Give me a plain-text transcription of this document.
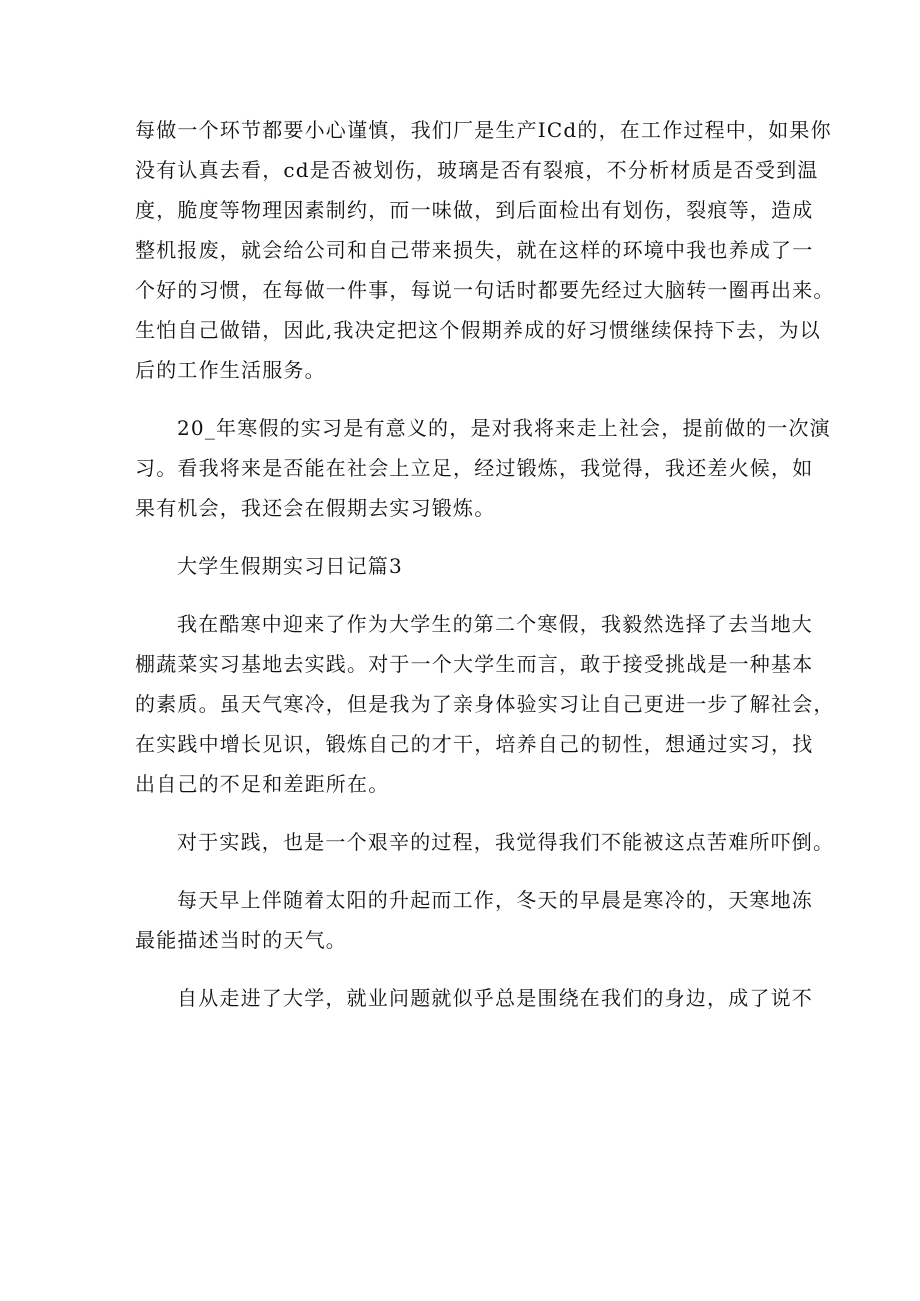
每做一个环节都要小心谨慎，我们厂是生产ICd的，在工作过程中，如果你
没有认真去看，cd是否被划伤，玻璃是否有裂痕，不分析材质是否受到温
度，脆度等物理因素制约，而一味做，到后面检出有划伤，裂痕等，造成
整机报废，就会给公司和自己带来损失，就在这样的环境中我也养成了一
个好的习惯，在每做一件事，每说一句话时都要先经过大脑转一圈再出来。
生怕自己做错，因此,我决定把这个假期养成的好习惯继续保持下去，为以
后的工作生活服务。
20_年寒假的实习是有意义的，是对我将来走上社会，提前做的一次演
习。看我将来是否能在社会上立足，经过锻炼，我觉得，我还差火候，如
果有机会，我还会在假期去实习锻炼。
大学生假期实习日记篇3
我在酷寒中迎来了作为大学生的第二个寒假，我毅然选择了去当地大
棚蔬菜实习基地去实践。对于一个大学生而言，敢于接受挑战是一种基本
的素质。虽天气寒冷，但是我为了亲身体验实习让自己更进一步了解社会，
在实践中增长见识，锻炼自己的才干，培养自己的韧性，想通过实习，找
出自己的不足和差距所在。
对于实践，也是一个艰辛的过程，我觉得我们不能被这点苦难所吓倒。
每天早上伴随着太阳的升起而工作，冬天的早晨是寒冷的，天寒地冻
最能描述当时的天气。
自从走进了大学，就业问题就似乎总是围绕在我们的身边，成了说不
